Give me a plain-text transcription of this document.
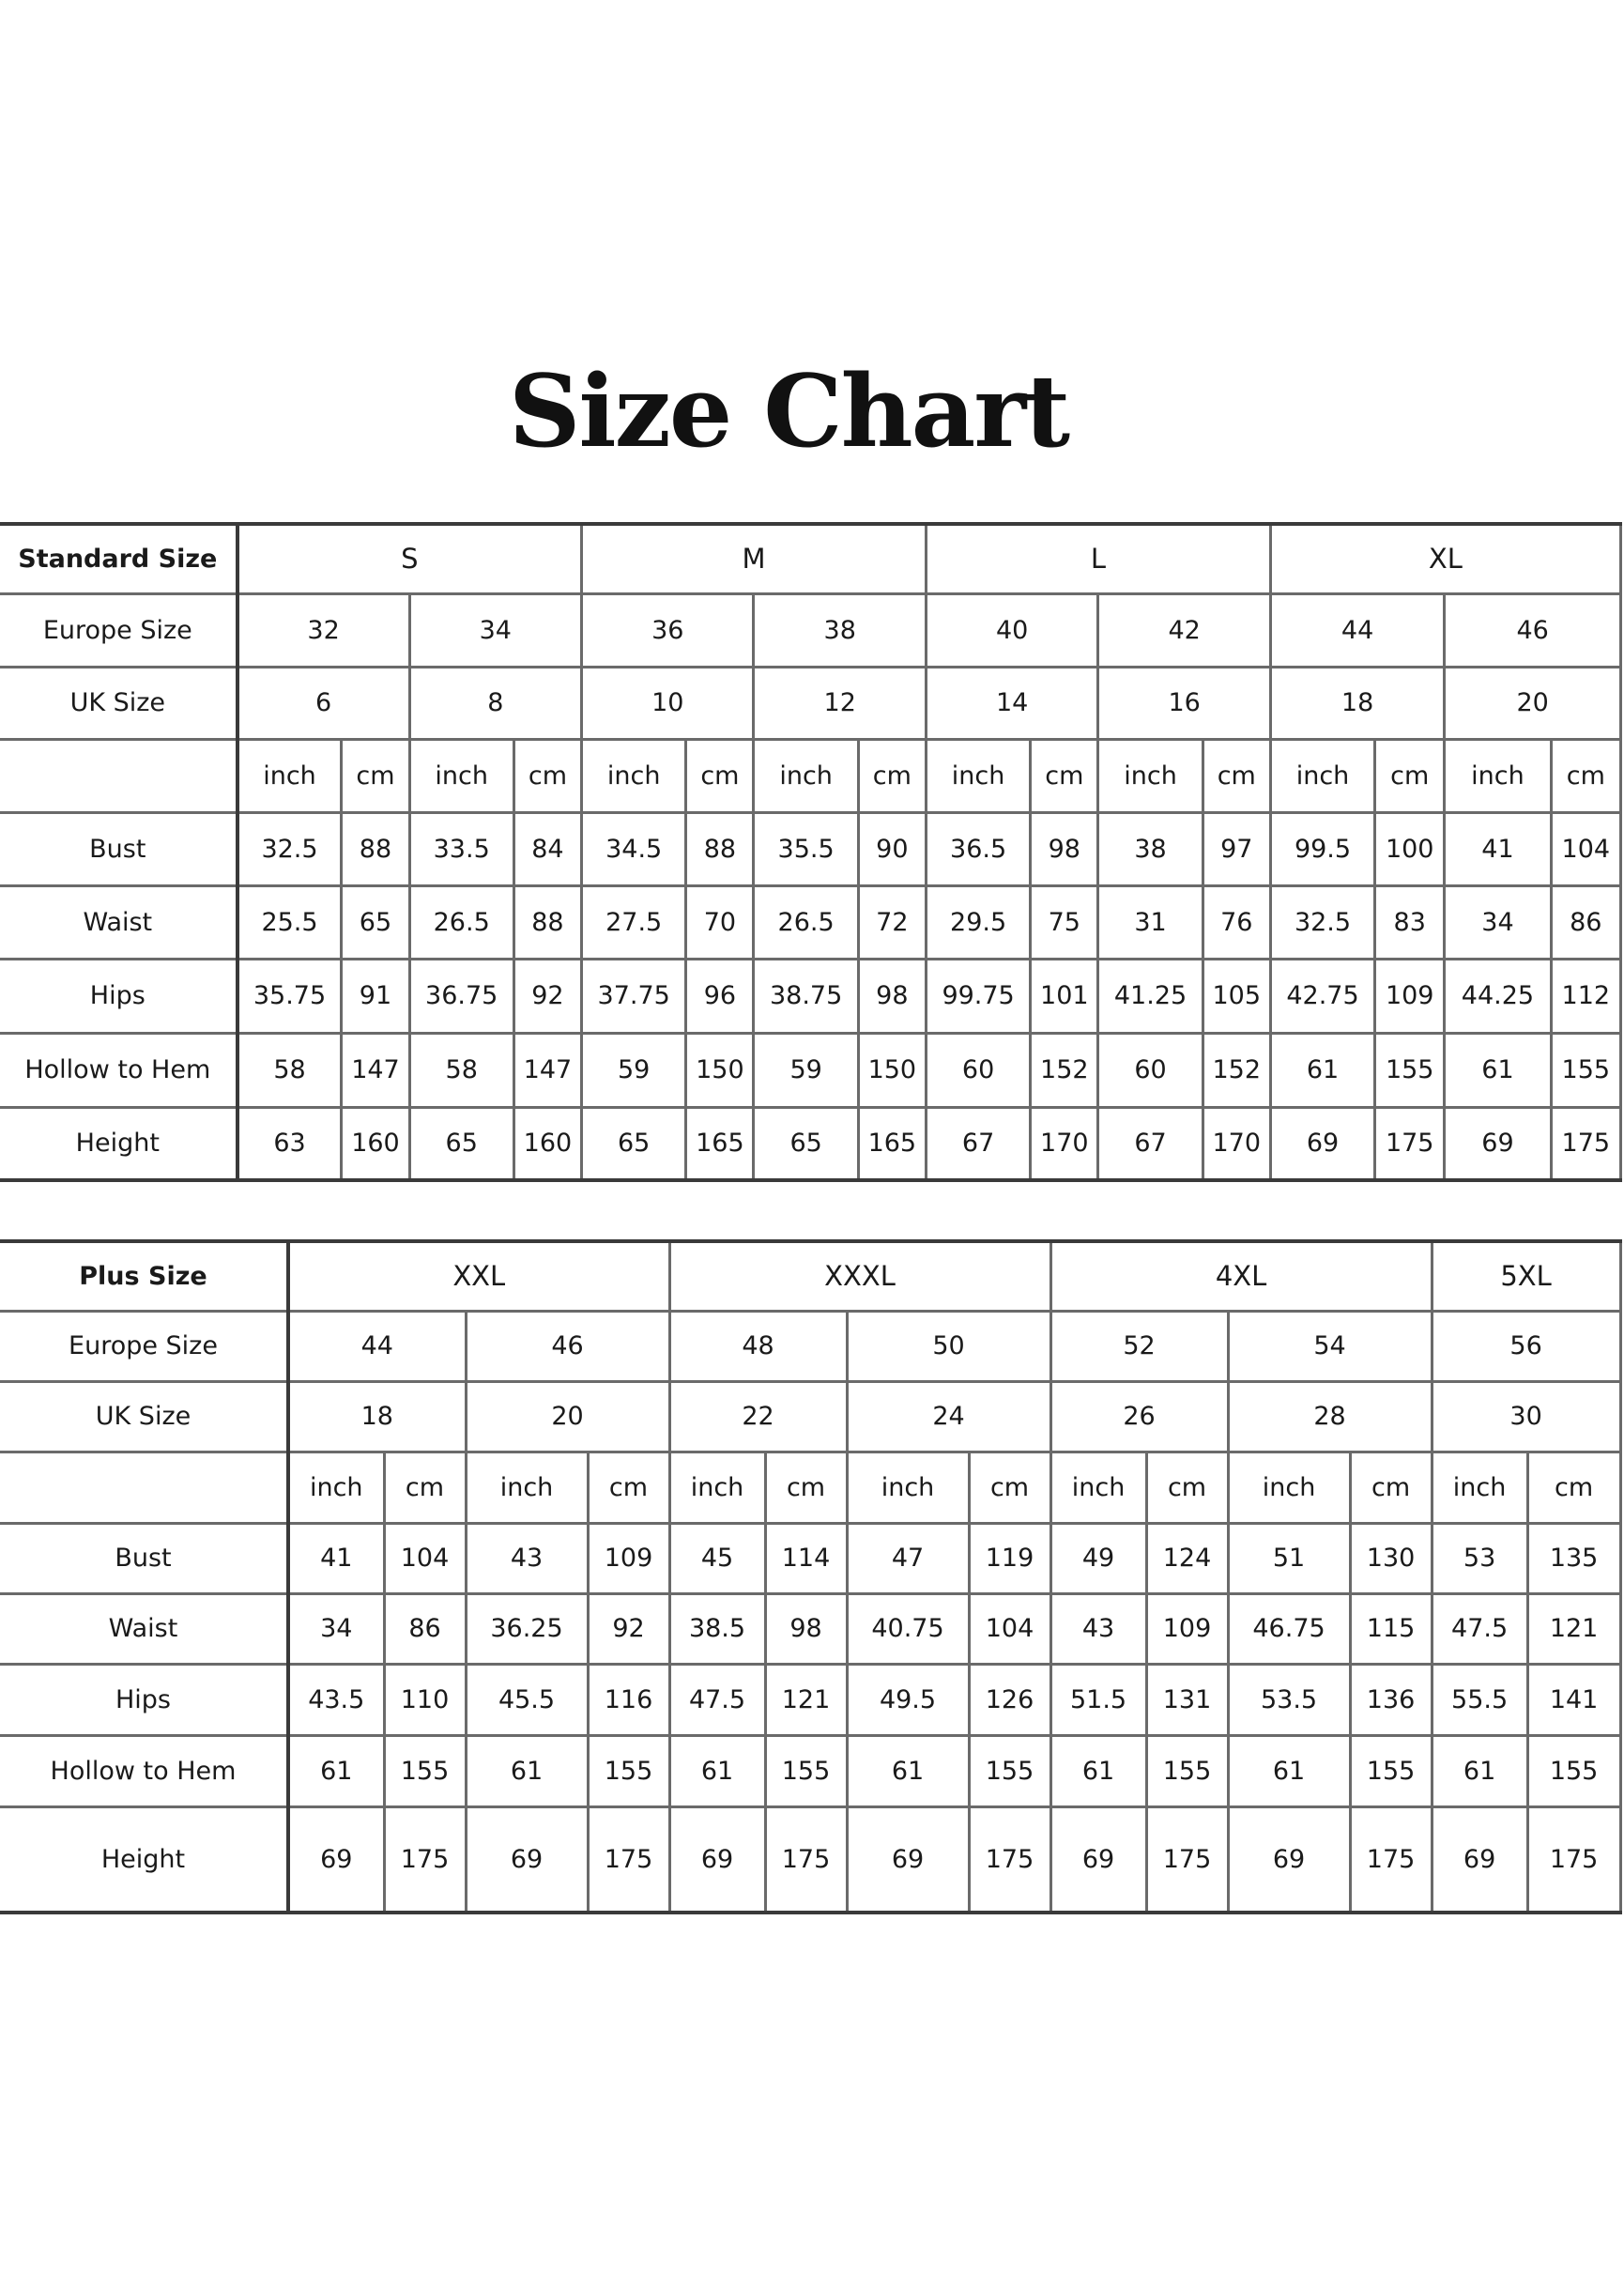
Size Chart
Standard Size	S				M				L				XL			
Europe Size	32		34		36		38		40		42		44		46	
UK Size	6		8		10		12		14		16		18		20	
	inch	cm	inch	cm	inch	cm	inch	cm	inch	cm	inch	cm	inch	cm	inch	cm
Bust	32.5	88	33.5	84	34.5	88	35.5	90	36.5	98	38	97	99.5	100	41	104
Waist	25.5	65	26.5	88	27.5	70	26.5	72	29.5	75	31	76	32.5	83	34	86
Hips	35.75	91	36.75	92	37.75	96	38.75	98	99.75	101	41.25	105	42.75	109	44.25	112
Hollow to Hem	58	147	58	147	59	150	59	150	60	152	60	152	61	155	61	155
Height	63	160	65	160	65	165	65	165	67	170	67	170	69	175	69	175
Plus Size	XXL				XXXL				4XL				5XL	
Europe Size	44		46		48		50		52		54		56	
UK Size	18		20		22		24		26		28		30	
	inch	cm	inch	cm	inch	cm	inch	cm	inch	cm	inch	cm	inch	cm
Bust	41	104	43	109	45	114	47	119	49	124	51	130	53	135
Waist	34	86	36.25	92	38.5	98	40.75	104	43	109	46.75	115	47.5	121
Hips	43.5	110	45.5	116	47.5	121	49.5	126	51.5	131	53.5	136	55.5	141
Hollow to Hem	61	155	61	155	61	155	61	155	61	155	61	155	61	155
Height	69	175	69	175	69	175	69	175	69	175	69	175	69	175
